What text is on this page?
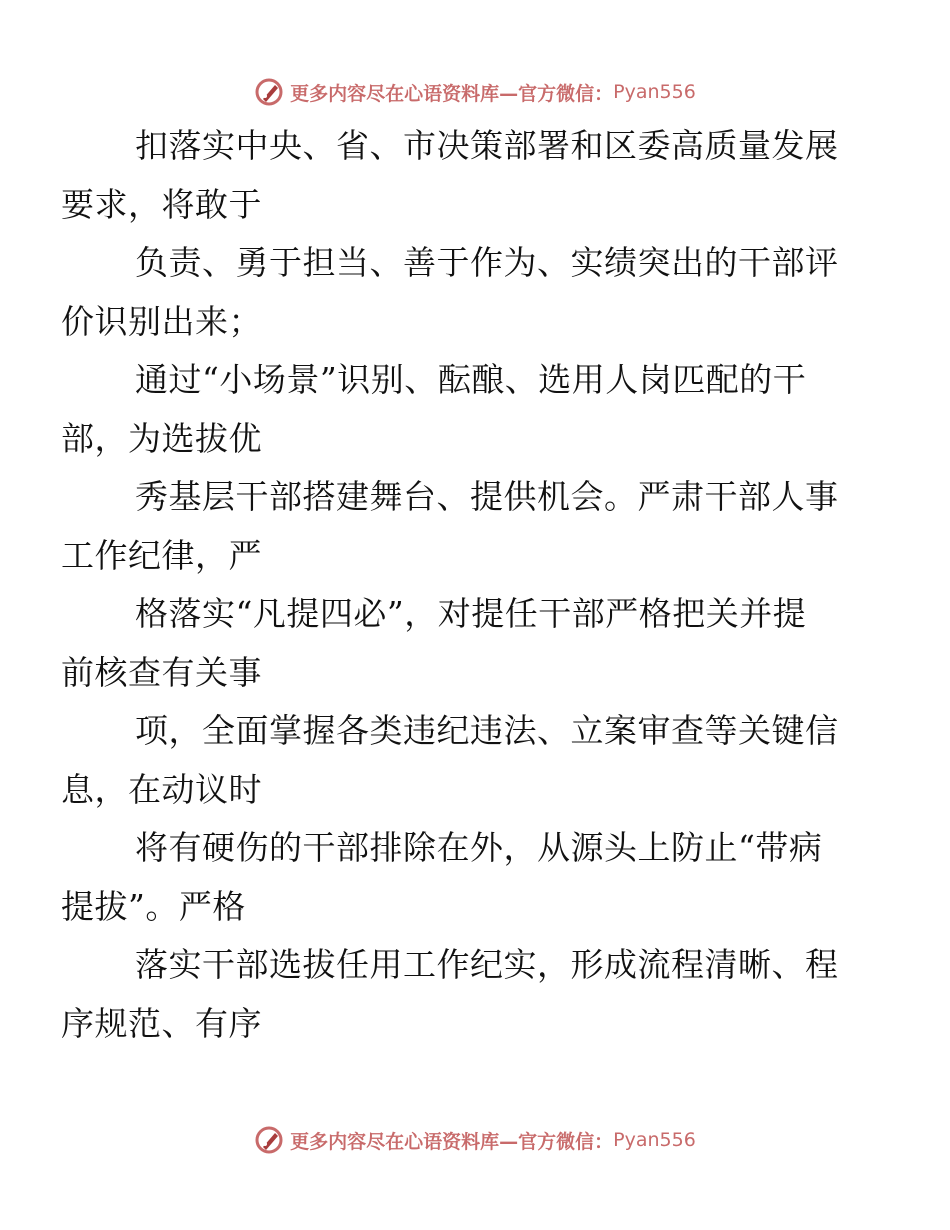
更多内容尽在心语资料库—官方微信： Pyan556

扣落实中央、省、市决策部署和区委高质量发展
要求，将敢于

负责、勇于担当、善于作为、实绩突出的干部评
价识别出来；

通过“小场景”识别、酝酿、选用人岗匹配的干
部，为选拔优

秀基层干部搭建舞台、提供机会。严肃干部人事
工作纪律，严

格落实“凡提四必”，对提任干部严格把关并提
前核查有关事

项，全面掌握各类违纪违法、立案审查等关键信
息，在动议时

将有硬伤的干部排除在外，从源头上防止“带病
提拔”。严格

落实干部选拔任用工作纪实，形成流程清晰、程
序规范、有序

更多内容尽在心语资料库—官方微信： Pyan556
